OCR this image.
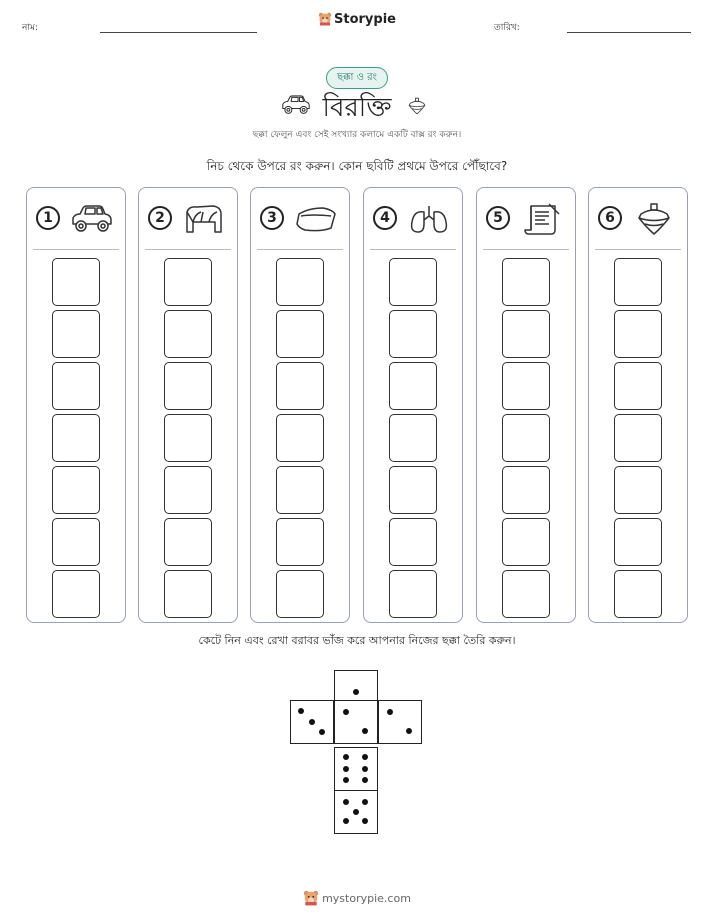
নাম:
Storypie
তারিখ:
ছক্কা ও রং
বিরক্তি
ছক্কা ফেলুন এবং সেই সংখ্যার কলামে একটি বাক্স রং করুন।
নিচ থেকে উপরে রং করুন। কোন ছবিটি প্রথমে উপরে পৌঁছাবে?
1	2	3	4	5	6
কেটে নিন এবং রেখা বরাবর ভাঁজ করে আপনার নিজের ছক্কা তৈরি করুন।
mystorypie.com
